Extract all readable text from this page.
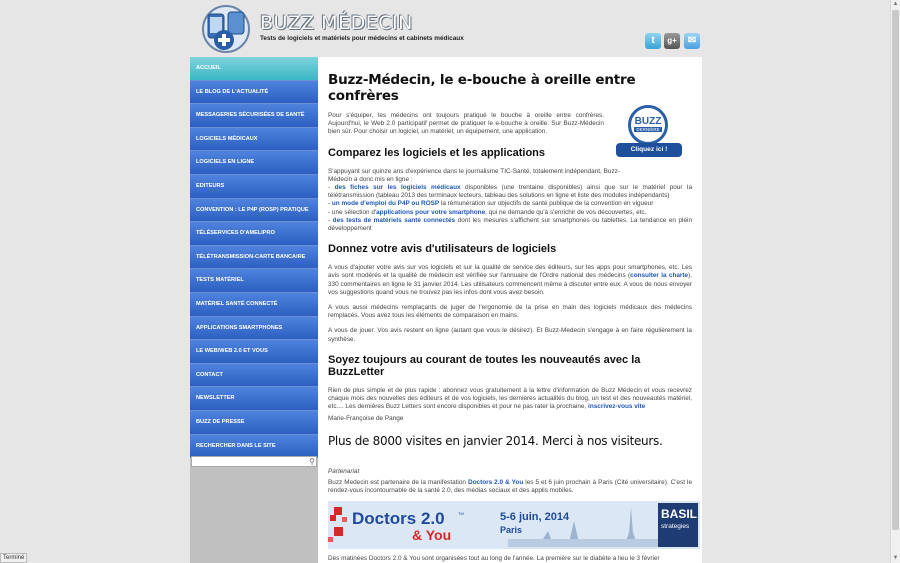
▲
▼
BUZZ MÉDECIN
Tests de logiciels et matériels pour médecins et cabinets médicaux	t	g+	✉
ACCUEIL
LE BLOG DE L'ACTUALITÉ
MESSAGERIES SÉCURISÉES DE SANTÉ
LOGICIELS MÉDICAUX
LOGICIELS EN LIGNE
EDITEURS
CONVENTION : LE P4P (ROSP) PRATIQUE
TÉLÉSERVICES D'AMELIPRO
TÉLÉTRANSMISSION-CARTE BANCAIRE
TESTS MATÉRIEL
MATÉRIEL SANTÉ CONNECTÉ
APPLICATIONS SMARTPHONES
LE WEB/WEB 2.0 ET VOUS
CONTACT
NEWSLETTER
BUZZ DE PRESSE
RECHERCHER DANS LE SITE
⚲
BUZZ
DERNIÈRE
Cliquez ici !
Buzz-Médecin, le e-bouche à oreille entre confrères

Pour s'équiper, les médecins ont toujours pratiqué le bouche à oreille entre confrères. Aujourd'hui, le Web 2.0 participatif permet de pratiquer le e-bouche à oreille. Sur Buzz-Médecin bien sûr. Pour choisir un logiciel, un matériel, un équipement, une application.

Comparez les logiciels et les applications

S'appuyant sur quinze ans d'expérience dans le journalisme TIC-Santé, totalement indépendant, Buzz-Médecin a donc mis en ligne :

- des fiches sur les logiciels médicaux disponibles (une trentaine disponibles) ainsi que sur le matériel pour la télétransmission (tableau 2013 des terminaux lecteurs, tableau des solutions en ligne et liste des modules indépendants)

- un mode d'emploi du P4P ou ROSP la rémunération sur objectifs de santé publique de la convention en vigueur

- une sélection d'applications pour votre smartphone, qui ne demande qu'à s'enrichir de vos découvertes, etc.

- des tests de matériels santé connectés dont les mesures s'affichent sur smartphones ou tablettes. La tendance en plein développement

Donnez votre avis d'utilisateurs de logiciels

A vous d'ajouter votre avis sur vos logiciels et sur la qualité de service des éditeurs, sur les apps pour smartphones, etc. Les avis sont modérés et la qualité de médecin est vérifiée sur l'annuaire de l'Ordre national des médecins (consulter la charte). 330 commentaires en ligne le 31 janvier 2014. Les utilisateurs commencent même à discuter entre eux. A vous de nous envoyer vos suggestions quand vous ne trouvez pas les infos dont vous avez besoin.

A vous aussi médecins remplaçants de juger de l'ergonomie de la prise en main des logiciels médicaux des médecins remplacés. Vous avez tous les éléments de comparaison en mains.

A vous de jouer. Vos avis restent en ligne (autant que vous le désirez). Et Buzz-Medecin s'engage à en faire régulièrement la synthèse.

Soyez toujours au courant de toutes les nouveautés avec la BuzzLetter

Rien de plus simple et de plus rapide : abonnez vous gratuitement à la lettre d'information de Buzz Médecin et vous recevrez chaque mois des nouvelles des éditeurs et de vos logiciels, les dernières actualités du blog, un test et des nouveautés matériel, etc.... Les dernières Buzz Letters sont encore disponibles et pour ne pas rater la prochaine, inscrivez-vous vite

Marie-Françoise de Pange

Plus de 8000 visites en janvier 2014. Merci à nos visiteurs.

Partenariat

Buzz Medecin est partenaire de la manifestation Doctors 2.0 & You les 5 et 6 juin prochain à Paris (Cité universitaire). C'est le rendez-vous incontournable de la santé 2.0, des médias sociaux et des applis mobiles.

Doctors 2.0	TM
& You
5-6 juin, 2014
Paris
BASIL
strategies

Des matinées Doctors 2.0 & You sont organisées tout au long de l'année. La première sur le diabète a lieu le 3 février

Terminé
